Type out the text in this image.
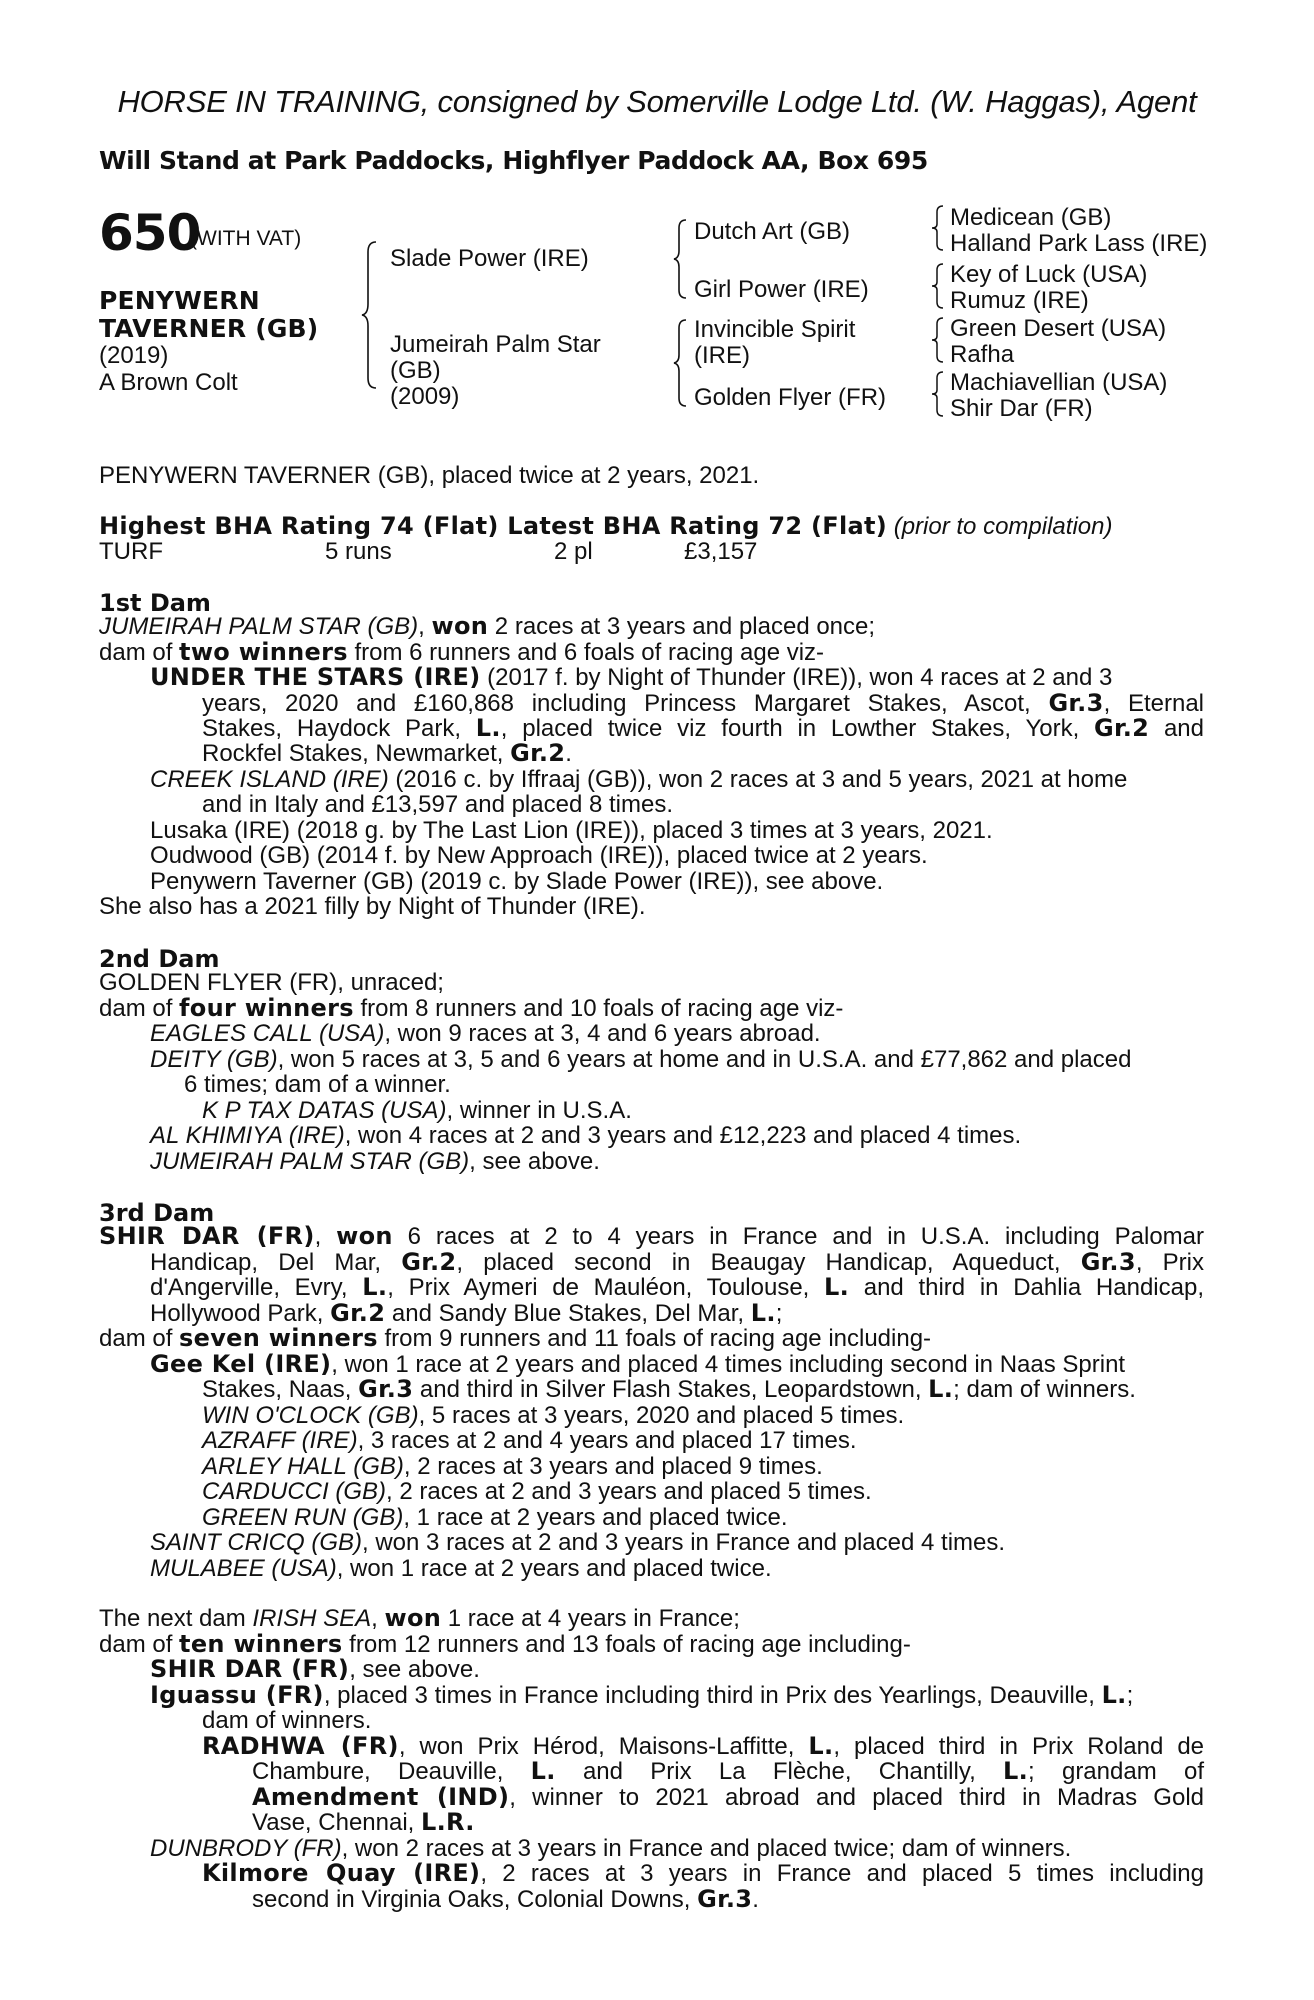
HORSE IN TRAINING, consigned by Somerville Lodge Ltd. (W. Haggas), Agent
Will Stand at Park Paddocks, Highflyer Paddock AA, Box 695
650
(WITH VAT)
PENYWERN
TAVERNER (GB)
(2019)
A Brown Colt
Slade Power (IRE)
Jumeirah Palm Star
(GB)
(2009)
Dutch Art (GB)
Girl Power (IRE)
Invincible Spirit
(IRE)
Golden Flyer (FR)
Medicean (GB)
Halland Park Lass (IRE)
Key of Luck (USA)
Rumuz (IRE)
Green Desert (USA)
Rafha
Machiavellian (USA)
Shir Dar (FR)
PENYWERN TAVERNER (GB), placed twice at 2 years, 2021.
Highest BHA Rating 74 (Flat) Latest BHA Rating 72 (Flat) (prior to compilation)
TURF	5 runs	2 pl	£3,157
1st Dam
JUMEIRAH PALM STAR (GB), won 2 races at 3 years and placed once;
dam of two winners from 6 runners and 6 foals of racing age viz-
UNDER THE STARS (IRE) (2017 f. by Night of Thunder (IRE)), won 4 races at 2 and 3
years, 2020 and £160,868 including Princess Margaret Stakes, Ascot, Gr.3, Eternal
Stakes, Haydock Park, L., placed twice viz fourth in Lowther Stakes, York, Gr.2 and
Rockfel Stakes, Newmarket, Gr.2.
CREEK ISLAND (IRE) (2016 c. by Iffraaj (GB)), won 2 races at 3 and 5 years, 2021 at home
and in Italy and £13,597 and placed 8 times.
Lusaka (IRE) (2018 g. by The Last Lion (IRE)), placed 3 times at 3 years, 2021.
Oudwood (GB) (2014 f. by New Approach (IRE)), placed twice at 2 years.
Penywern Taverner (GB) (2019 c. by Slade Power (IRE)), see above.
She also has a 2021 filly by Night of Thunder (IRE).
2nd Dam
GOLDEN FLYER (FR), unraced;
dam of four winners from 8 runners and 10 foals of racing age viz-
EAGLES CALL (USA), won 9 races at 3, 4 and 6 years abroad.
DEITY (GB), won 5 races at 3, 5 and 6 years at home and in U.S.A. and £77,862 and placed
6 times; dam of a winner.
K P TAX DATAS (USA), winner in U.S.A.
AL KHIMIYA (IRE), won 4 races at 2 and 3 years and £12,223 and placed 4 times.
JUMEIRAH PALM STAR (GB), see above.
3rd Dam
SHIR DAR (FR), won 6 races at 2 to 4 years in France and in U.S.A. including Palomar
Handicap, Del Mar, Gr.2, placed second in Beaugay Handicap, Aqueduct, Gr.3, Prix
d'Angerville, Evry, L., Prix Aymeri de Mauléon, Toulouse, L. and third in Dahlia Handicap,
Hollywood Park, Gr.2 and Sandy Blue Stakes, Del Mar, L.;
dam of seven winners from 9 runners and 11 foals of racing age including-
Gee Kel (IRE), won 1 race at 2 years and placed 4 times including second in Naas Sprint
Stakes, Naas, Gr.3 and third in Silver Flash Stakes, Leopardstown, L.; dam of winners.
WIN O'CLOCK (GB), 5 races at 3 years, 2020 and placed 5 times.
AZRAFF (IRE), 3 races at 2 and 4 years and placed 17 times.
ARLEY HALL (GB), 2 races at 3 years and placed 9 times.
CARDUCCI (GB), 2 races at 2 and 3 years and placed 5 times.
GREEN RUN (GB), 1 race at 2 years and placed twice.
SAINT CRICQ (GB), won 3 races at 2 and 3 years in France and placed 4 times.
MULABEE (USA), won 1 race at 2 years and placed twice.
The next dam IRISH SEA, won 1 race at 4 years in France;
dam of ten winners from 12 runners and 13 foals of racing age including-
SHIR DAR (FR), see above.
Iguassu (FR), placed 3 times in France including third in Prix des Yearlings, Deauville, L.;
dam of winners.
RADHWA (FR), won Prix Hérod, Maisons-Laffitte, L., placed third in Prix Roland de
Chambure, Deauville, L. and Prix La Flèche, Chantilly, L.; grandam of
Amendment (IND), winner to 2021 abroad and placed third in Madras Gold
Vase, Chennai, L.R.
DUNBRODY (FR), won 2 races at 3 years in France and placed twice; dam of winners.
Kilmore Quay (IRE), 2 races at 3 years in France and placed 5 times including
second in Virginia Oaks, Colonial Downs, Gr.3.
